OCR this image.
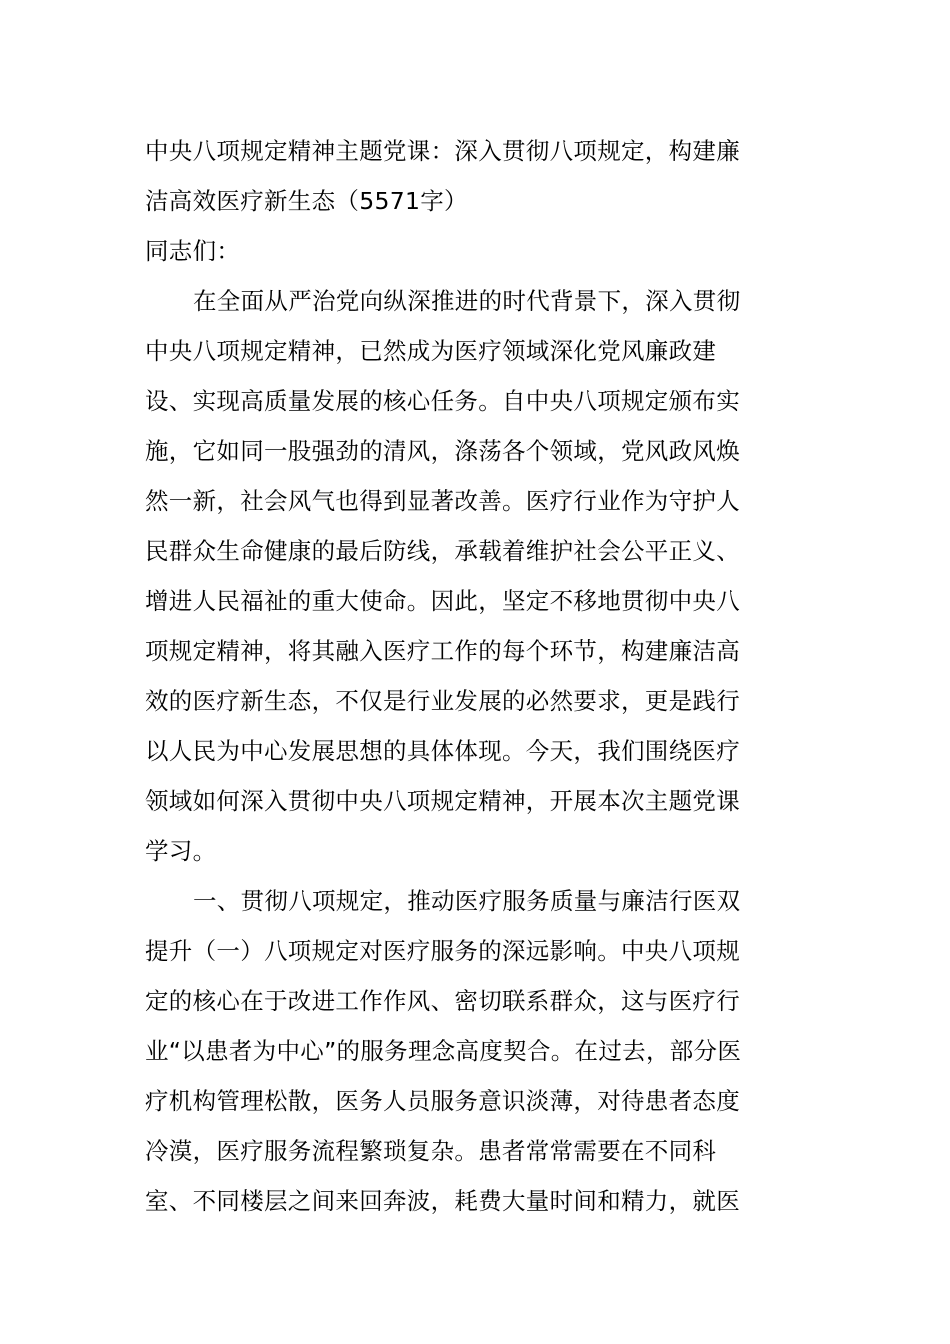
中央八项规定精神主题党课：深入贯彻八项规定，构建廉
洁高效医疗新生态（5571字）
同志们：
在全面从严治党向纵深推进的时代背景下，深入贯彻
中央八项规定精神，已然成为医疗领域深化党风廉政建
设、实现高质量发展的核心任务。自中央八项规定颁布实
施，它如同一股强劲的清风，涤荡各个领域，党风政风焕
然一新，社会风气也得到显著改善。医疗行业作为守护人
民群众生命健康的最后防线，承载着维护社会公平正义、
增进人民福祉的重大使命。因此，坚定不移地贯彻中央八
项规定精神，将其融入医疗工作的每个环节，构建廉洁高
效的医疗新生态，不仅是行业发展的必然要求，更是践行
以人民为中心发展思想的具体体现。今天，我们围绕医疗
领域如何深入贯彻中央八项规定精神，开展本次主题党课
学习。
一、贯彻八项规定，推动医疗服务质量与廉洁行医双
提升（一）八项规定对医疗服务的深远影响。中央八项规
定的核心在于改进工作作风、密切联系群众，这与医疗行
业“以患者为中心”的服务理念高度契合。在过去，部分医
疗机构管理松散，医务人员服务意识淡薄，对待患者态度
冷漠，医疗服务流程繁琐复杂。患者常常需要在不同科
室、不同楼层之间来回奔波，耗费大量时间和精力，就医
